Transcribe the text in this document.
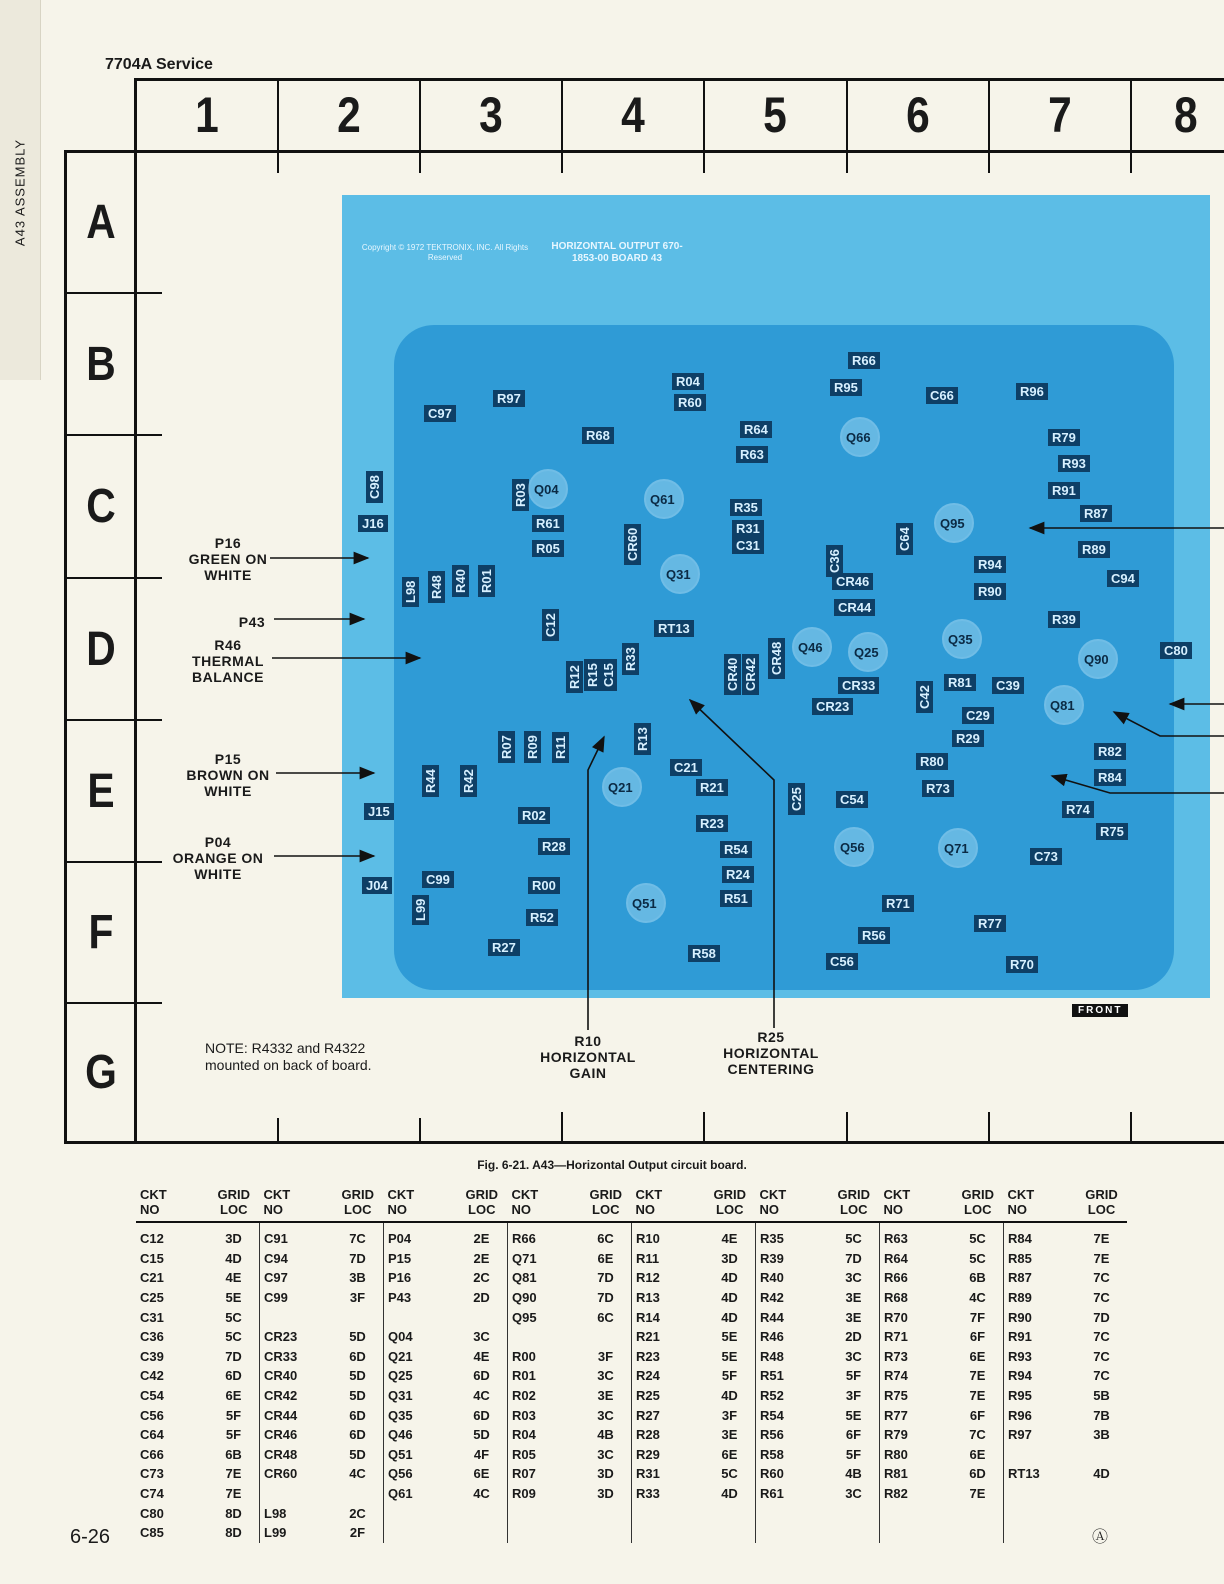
A43 ASSEMBLY
7704A Service
1	2	3	4	5	6	7	8
A
B
C
D
E
F
G
Copyright © 1972 TEKTRONIX, INC. All Rights Reserved
HORIZONTAL OUTPUT 670-1853-00 BOARD 43
R66
R04	R95
R97	R60	C66	R96
C97
R68	R64
Q66	R79
C98	R03
R63
R93
Q04
Q61
R91
CR60
R35
C64
R87
R61	R31	Q95
J16
R40 R01
R05	C31
C36
L98 R48
R89
Q31	CR46	C94
C12
R94
R90
CR44
R39
R12 R15 C15
R33
RT13
CR40 CR42 CR48	Q46	Q25
Q35
Q90
C80
C42
R81	C39
R07 R09 R11	R13
CR33
Q81
R44 R42
CR23
C29
R29
R82
C21
C25
R80
R84
Q21	R21
C54
R73
J15	R02	R74
R23
R75
R28	R54	Q56	Q71
C73
L99
C99	R24
R00
R51
J04
Q51	R71
R52	R77
R56
R27	R58
C56	R70
FRONT
P16
GREEN ON
WHITE
P43
R46
THERMAL
BALANCE
P15
BROWN ON
WHITE
P04
ORANGE ON
WHITE
R10
HORIZONTAL
GAIN
R25
HORIZONTAL
CENTERING
NOTE: R4332 and R4322
mounted on back of board.
Fig. 6-21. A43—Horizontal Output circuit board.
CKT
NO	GRID
LOC	CKT
NO	GRID
LOC	CKT
NO	GRID
LOC	CKT
NO	GRID
LOC	CKT
NO	GRID
LOC	CKT
NO	GRID
LOC	CKT
NO	GRID
LOC	CKT
NO	GRID
LOC
C12	3D	C91	7C	P04	2E	R66	6C	R10	4E	R35	5C	R63	5C	R84	7E
C15	4D	C94	7D	P15	2E	Q71	6E	R11	3D	R39	7D	R64	5C	R85	7E
C21	4E	C97	3B	P16	2C	Q81	7D	R12	4D	R40	3C	R66	6B	R87	7C
C25	5E	C99	3F	P43	2D	Q90	7D	R13	4D	R42	3E	R68	4C	R89	7C
C31	5C					Q95	6C	R14	4D	R44	3E	R70	7F	R90	7D
C36	5C	CR23	5D	Q04	3C			R21	5E	R46	2D	R71	6F	R91	7C
C39	7D	CR33	6D	Q21	4E	R00	3F	R23	5E	R48	3C	R73	6E	R93	7C
C42	6D	CR40	5D	Q25	6D	R01	3C	R24	5F	R51	5F	R74	7E	R94	7C
C54	6E	CR42	5D	Q31	4C	R02	3E	R25	4D	R52	3F	R75	7E	R95	5B
C56	5F	CR44	6D	Q35	6D	R03	3C	R27	3F	R54	5E	R77	6F	R96	7B
C64	5F	CR46	6D	Q46	5D	R04	4B	R28	3E	R56	6F	R79	7C	R97	3B
C66	6B	CR48	5D	Q51	4F	R05	3C	R29	6E	R58	5F	R80	6E		
C73	7E	CR60	4C	Q56	6E	R07	3D	R31	5C	R60	4B	R81	6D	RT13	4D
C74	7E			Q61	4C	R09	3D	R33	4D	R61	3C	R82	7E		
C80	8D	L98	2C												
C85	8D	L99	2F												
6-26	Ⓐ
